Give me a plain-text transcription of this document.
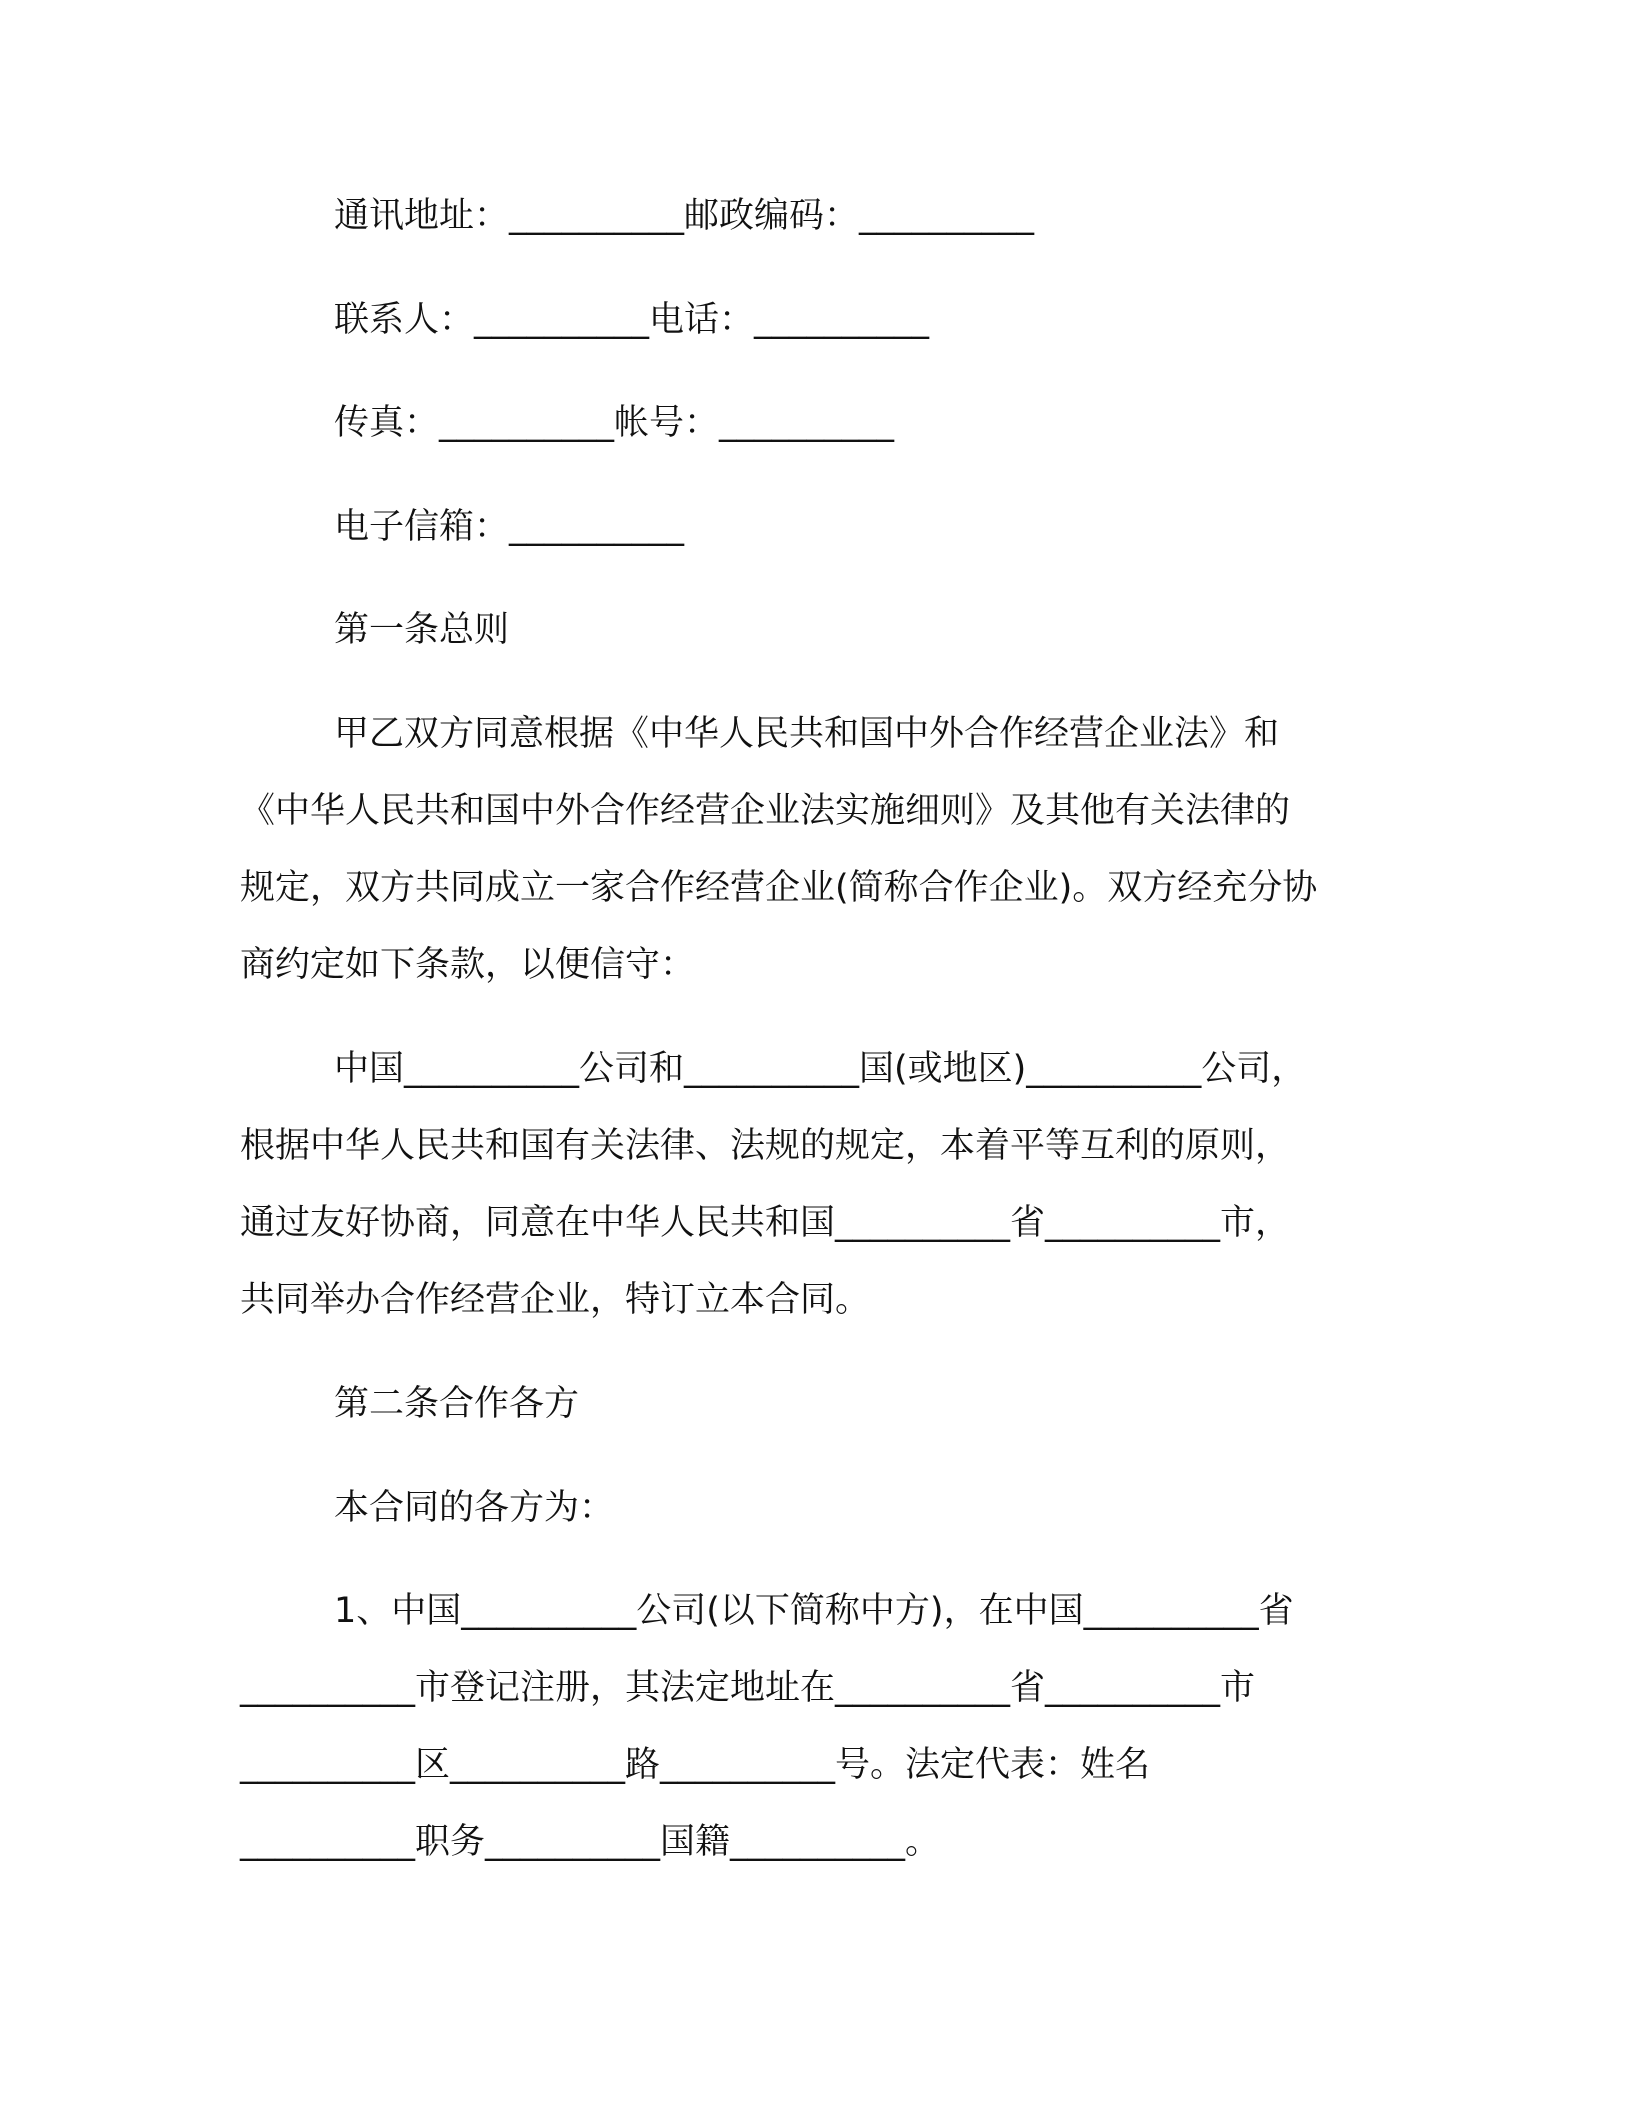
通讯地址：__________邮政编码：__________
联系人：__________电话：__________
传真：__________帐号：__________
电子信箱：__________
第一条总则
甲乙双方同意根据《中华人民共和国中外合作经营企业法》和
《中华人民共和国中外合作经营企业法实施细则》及其他有关法律的
规定，双方共同成立一家合作经营企业(简称合作企业)。双方经充分协
商约定如下条款，以便信守：
中国__________公司和__________国(或地区)__________公司，
根据中华人民共和国有关法律、法规的规定，本着平等互利的原则，
通过友好协商，同意在中华人民共和国__________省__________市，
共同举办合作经营企业，特订立本合同。
第二条合作各方
本合同的各方为：
1、中国__________公司(以下简称中方)，在中国__________省
__________市登记注册，其法定地址在__________省__________市
__________区__________路__________号。法定代表：姓名
__________职务__________国籍__________。
